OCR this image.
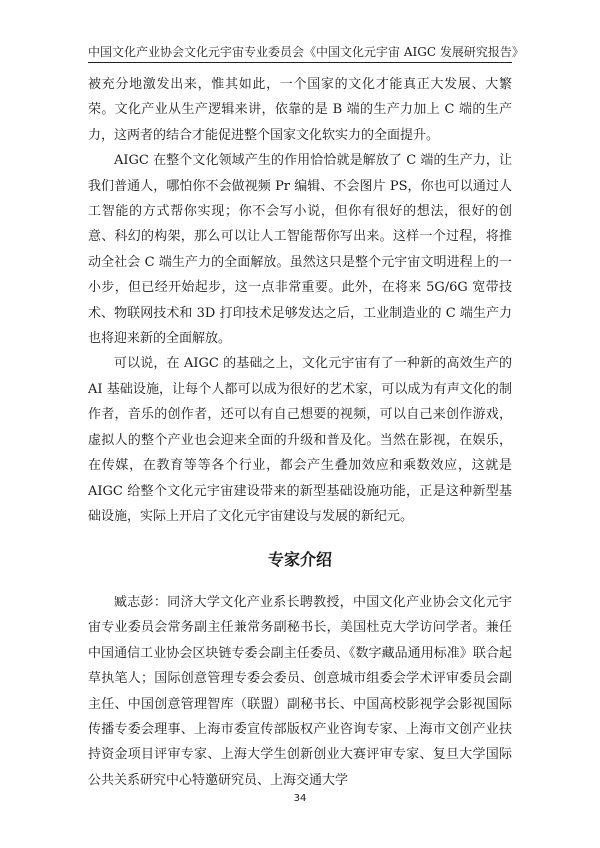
中国文化产业协会文化元宇宙专业委员会 《中国文化元宇宙 AIGC 发展研究报告》

被充分地激发出来，惟其如此，一个国家的文化才能真正大发展、大繁荣。文化产业从生产逻辑来讲，依靠的是 B 端的生产力加上 C 端的生产力，这两者的结合才能促进整个国家文化软实力的全面提升。

AIGC 在整个文化领域产生的作用恰恰就是解放了 C 端的生产力，让我们普通人，哪怕你不会做视频 Pr 编辑、不会图片 PS，你也可以通过人工智能的方式帮你实现；你不会写小说，但你有很好的想法，很好的创意、科幻的构架，那么可以让人工智能帮你写出来。这样一个过程，将推动全社会 C 端生产力的全面解放。虽然这只是整个元宇宙文明进程上的一小步，但已经开始起步，这一点非常重要。此外，在将来 5G/6G 宽带技术、物联网技术和 3D 打印技术足够发达之后，工业制造业的 C 端生产力也将迎来新的全面解放。

可以说，在 AIGC 的基础之上，文化元宇宙有了一种新的高效生产的 AI 基础设施，让每个人都可以成为很好的艺术家，可以成为有声文化的制作者，音乐的创作者，还可以有自己想要的视频，可以自己来创作游戏，虚拟人的整个产业也会迎来全面的升级和普及化。当然在影视，在娱乐，在传媒，在教育等等各个行业，都会产生叠加效应和乘数效应，这就是 AIGC 给整个文化元宇宙建设带来的新型基础设施功能，正是这种新型基础设施，实际上开启了文化元宇宙建设与发展的新纪元。

专家介绍

臧志彭：同济大学文化产业系长聘教授，中国文化产业协会文化元宇宙专业委员会常务副主任兼常务副秘书长，美国杜克大学访问学者。兼任中国通信工业协会区块链专委会副主任委员、《数字藏品通用标准》联合起草执笔人；国际创意管理专委会委员、创意城市组委会学术评审委员会副主任、中国创意管理智库（联盟）副秘书长、中国高校影视学会影视国际传播专委会理事、上海市委宣传部版权产业咨询专家、上海市文创产业扶持资金项目评审专家、上海大学生创新创业大赛评审专家、复旦大学国际公共关系研究中心特邀研究员、上海交通大学

34
